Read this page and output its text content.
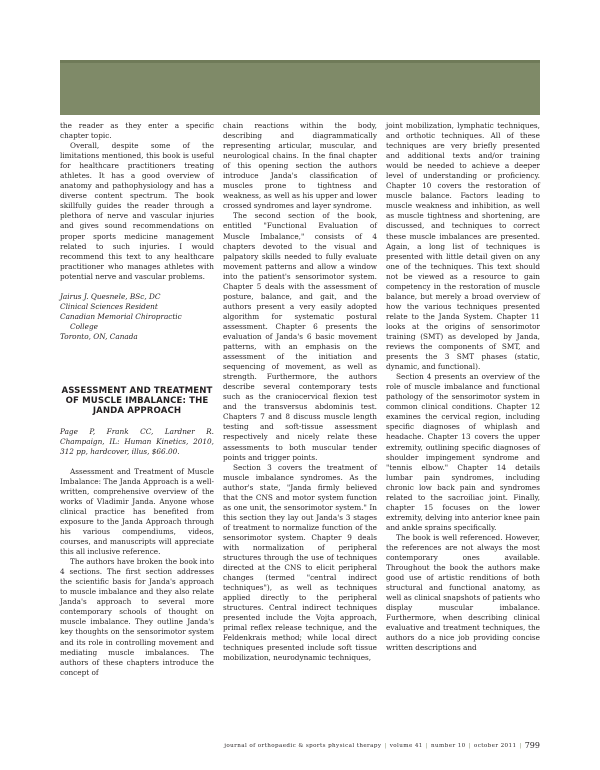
the reader as they enter a specific chapter topic.

Overall, despite some of the limitations mentioned, this book is useful for healthcare practitioners treating athletes. It has a good overview of anatomy and pathophysiology and has a diverse content spectrum. The book skillfully guides the reader through a plethora of nerve and vascular injuries and gives sound recommendations on proper sports medicine management related to such injuries. I would recommend this text to any healthcare practitioner who manages athletes with potential nerve and vascular problems.

Jairus J. Quesnele, BSc, DC
Clinical Sciences Resident
Canadian Memorial Chiropractic
College
Toronto, ON, Canada
ASSESSMENT AND TREATMENT OF MUSCLE IMBALANCE: THE JANDA APPROACH

Page P, Frank CC, Lardner R. Champaign, IL: Human Kinetics, 2010, 312 pp, hardcover, illus, $66.00.

Assessment and Treatment of Muscle Imbalance: The Janda Approach is a well-written, comprehensive overview of the works of Vladimir Janda. Anyone whose clinical practice has benefited from exposure to the Janda Approach through his various compendiums, videos, courses, and manuscripts will appreciate this all inclusive reference.

The authors have broken the book into 4 sections. The first section addresses the scientific basis for Janda's approach to muscle imbalance and they also relate Janda's approach to several more contemporary schools of thought on muscle imbalance. They outline Janda's key thoughts on the sensorimotor system and its role in controlling movement and mediating muscle imbalances. The authors of these chapters introduce the concept of

chain reactions within the body, describing and diagrammatically representing articular, muscular, and neurological chains. In the final chapter of this opening section the authors introduce Janda's classification of muscles prone to tightness and weakness, as well as his upper and lower crossed syndromes and layer syndrome.

The second section of the book, entitled "Functional Evaluation of Muscle Imbalance," consists of 4 chapters devoted to the visual and palpatory skills needed to fully evaluate movement patterns and allow a window into the patient's sensorimotor system. Chapter 5 deals with the assessment of posture, balance, and gait, and the authors present a very easily adopted algorithm for systematic postural assessment. Chapter 6 presents the evaluation of Janda's 6 basic movement patterns, with an emphasis on the assessment of the initiation and sequencing of movement, as well as strength. Furthermore, the authors describe several contemporary tests such as the craniocervical flexion test and the transversus abdominis test. Chapters 7 and 8 discuss muscle length testing and soft-tissue assessment respectively and nicely relate these assessments to both muscular tender points and trigger points.

Section 3 covers the treatment of muscle imbalance syndromes. As the author's state, "Janda firmly believed that the CNS and motor system function as one unit, the sensorimotor system." In this section they lay out Janda's 3 stages of treatment to normalize function of the sensorimotor system. Chapter 9 deals with normalization of peripheral structures through the use of techniques directed at the CNS to elicit peripheral changes (termed "central indirect techniques"), as well as techniques applied directly to the peripheral structures. Central indirect techniques presented include the Vojta approach, primal reflex release technique, and the Feldenkrais method; while local direct techniques presented include soft tissue mobilization, neurodynamic techniques,

joint mobilization, lymphatic techniques, and orthotic techniques. All of these techniques are very briefly presented and additional texts and/or training would be needed to achieve a deeper level of understanding or proficiency. Chapter 10 covers the restoration of muscle balance. Factors leading to muscle weakness and inhibition, as well as muscle tightness and shortening, are discussed, and techniques to correct these muscle imbalances are presented. Again, a long list of techniques is presented with little detail given on any one of the techniques. This text should not be viewed as a resource to gain competency in the restoration of muscle balance, but merely a broad overview of how the various techniques presented relate to the Janda System. Chapter 11 looks at the origins of sensorimotor training (SMT) as developed by Janda, reviews the components of SMT, and presents the 3 SMT phases (static, dynamic, and functional).

Section 4 presents an overview of the role of muscle imbalance and functional pathology of the sensorimotor system in common clinical conditions. Chapter 12 examines the cervical region, including specific diagnoses of whiplash and headache. Chapter 13 covers the upper extremity, outlining specific diagnoses of shoulder impingement syndrome and "tennis elbow." Chapter 14 details lumbar pain syndromes, including chronic low back pain and syndromes related to the sacroiliac joint. Finally, chapter 15 focuses on the lower extremity, delving into anterior knee pain and ankle sprains specifically.

The book is well referenced. However, the references are not always the most contemporary ones available. Throughout the book the authors make good use of artistic renditions of both structural and functional anatomy, as well as clinical snapshots of patients who display muscular imbalance. Furthermore, when describing clinical evaluative and treatment techniques, the authors do a nice job providing concise written descriptions and

journal of orthopaedic & sports physical therapy | volume 41 | number 10 | october 2011 | 799
